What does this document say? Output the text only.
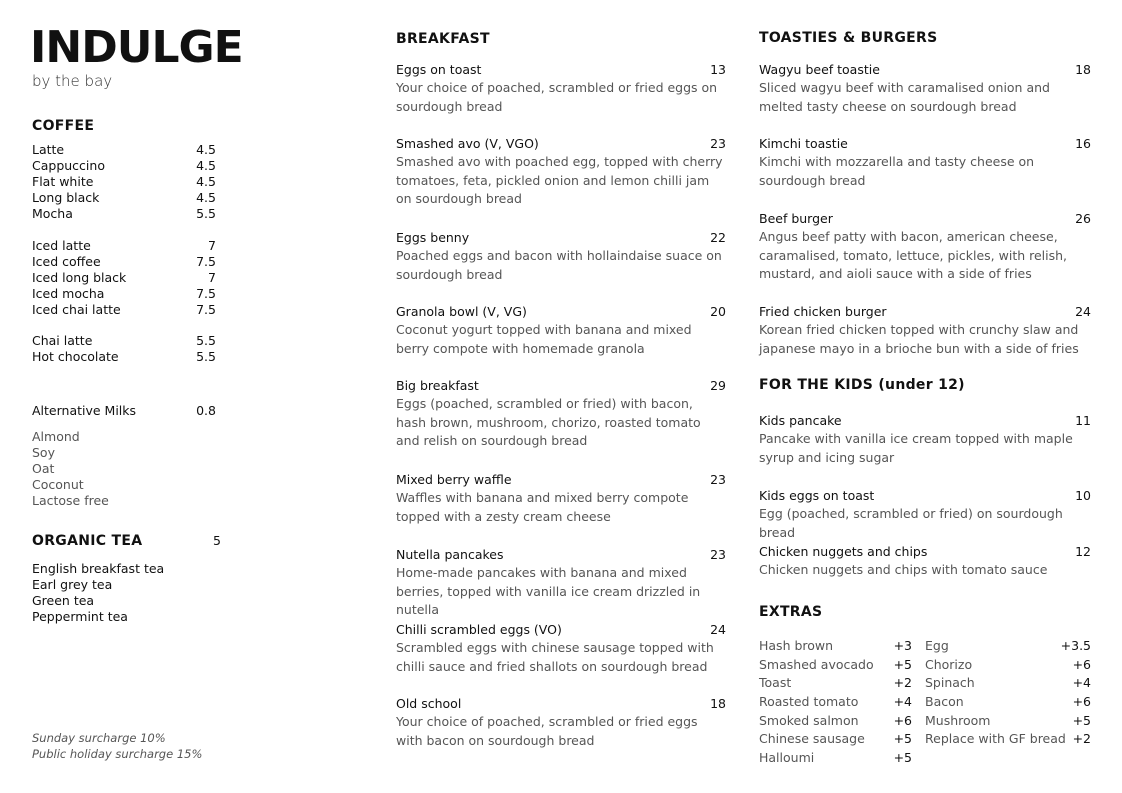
INDULGE
by the bay
COFFEE
Latte	4.5
Cappuccino	4.5
Flat white	4.5
Long black	4.5
Mocha	5.5
Iced latte	7
Iced coffee	7.5
Iced long black	7
Iced mocha	7.5
Iced chai latte	7.5
Chai latte	5.5
Hot chocolate	5.5
Alternative Milks	0.8
Almond
Soy
Oat
Coconut
Lactose free
ORGANIC TEA	5
English breakfast tea
Earl grey tea
Green tea
Peppermint tea
Sunday surcharge 10%
Public holiday surcharge 15%
BREAKFAST
Eggs on toast	13
Your choice of poached, scrambled or fried eggs on sourdough bread
Smashed avo (V, VGO)	23
Smashed avo with poached egg, topped with cherry tomatoes, feta, pickled onion and lemon chilli jam on sourdough bread
Eggs benny	22
Poached eggs and bacon with hollaindaise suace on sourdough bread
Granola bowl (V, VG)	20
Coconut yogurt topped with banana and mixed berry compote with homemade granola
Big breakfast	29
Eggs (poached, scrambled or fried) with bacon, hash brown, mushroom, chorizo, roasted tomato and relish on sourdough bread
Mixed berry waffle	23
Waffles with banana and mixed berry compote topped with a zesty cream cheese
Nutella pancakes	23
Home-made pancakes with banana and mixed berries, topped with vanilla ice cream drizzled in nutella
Chilli scrambled eggs (VO)	24
Scrambled eggs with chinese sausage topped with chilli sauce and fried shallots on sourdough bread
Old school	18
Your choice of poached, scrambled or fried eggs with bacon on sourdough bread
TOASTIES & BURGERS
Wagyu beef toastie	18
Sliced wagyu beef with caramalised onion and melted tasty cheese on sourdough bread
Kimchi toastie	16
Kimchi with mozzarella and tasty cheese on sourdough bread
Beef burger	26
Angus beef patty with bacon, american cheese, caramalised, tomato, lettuce, pickles, with relish, mustard, and aioli sauce with a side of fries
Fried chicken burger	24
Korean fried chicken topped with crunchy slaw and japanese mayo in a brioche bun with a side of fries
FOR THE KIDS (under 12)
Kids pancake	11
Pancake with vanilla ice cream topped with maple syrup and icing sugar
Kids eggs on toast	10
Egg (poached, scrambled or fried) on sourdough bread
Chicken nuggets and chips	12
Chicken nuggets and chips with tomato sauce
EXTRAS
Hash brown	+3
Smashed avocado +5
Toast	+2
Roasted tomato	+4
Smoked salmon	+6
Chinese sausage +5
Halloumi	+5
Egg	+3.5
Chorizo	+6
Spinach	+4
Bacon	+6
Mushroom	+5
Replace with GF bread +2
